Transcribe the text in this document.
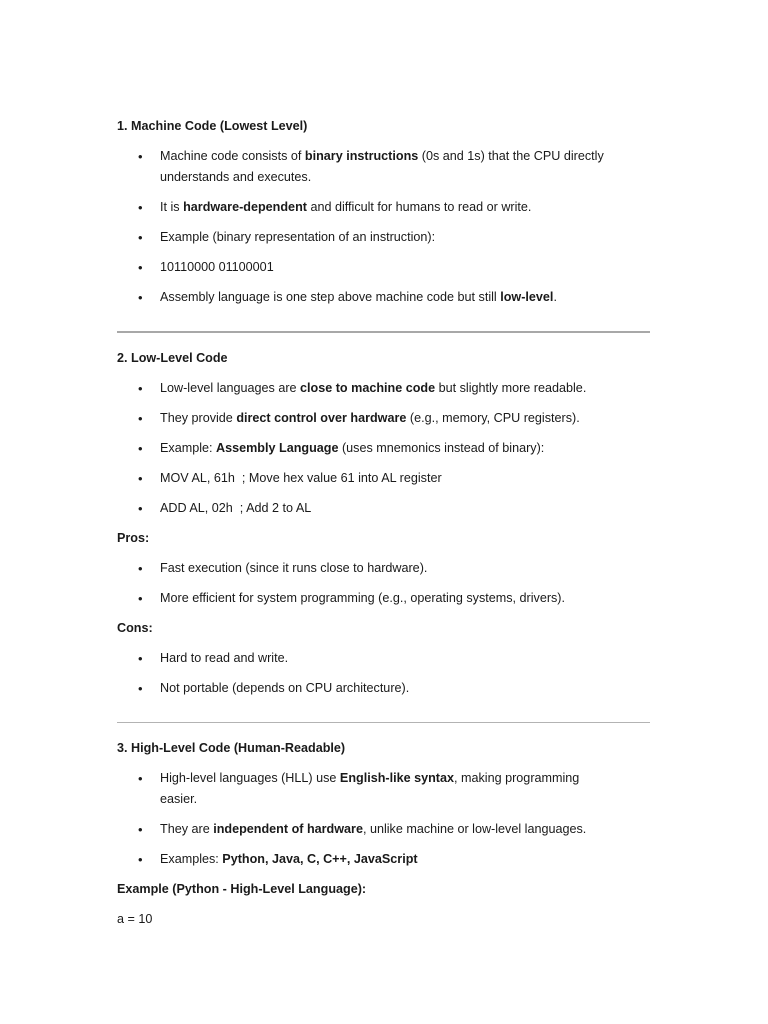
1. Machine Code (Lowest Level)

• Machine code consists of binary instructions (0s and 1s) that the CPU directly understands and executes.
• It is hardware-dependent and difficult for humans to read or write.
• Example (binary representation of an instruction):
• 10110000 01100001
• Assembly language is one step above machine code but still low-level.

2. Low-Level Code

• Low-level languages are close to machine code but slightly more readable.
• They provide direct control over hardware (e.g., memory, CPU registers).
• Example: Assembly Language (uses mnemonics instead of binary):
• MOV AL, 61h  ; Move hex value 61 into AL register
• ADD AL, 02h  ; Add 2 to AL
Pros:
• Fast execution (since it runs close to hardware).
• More efficient for system programming (e.g., operating systems, drivers).
Cons:
• Hard to read and write.
• Not portable (depends on CPU architecture).

3. High-Level Code (Human-Readable)

• High-level languages (HLL) use English-like syntax, making programming easier.
• They are independent of hardware, unlike machine or low-level languages.
• Examples: Python, Java, C, C++, JavaScript
Example (Python - High-Level Language):
a = 10
